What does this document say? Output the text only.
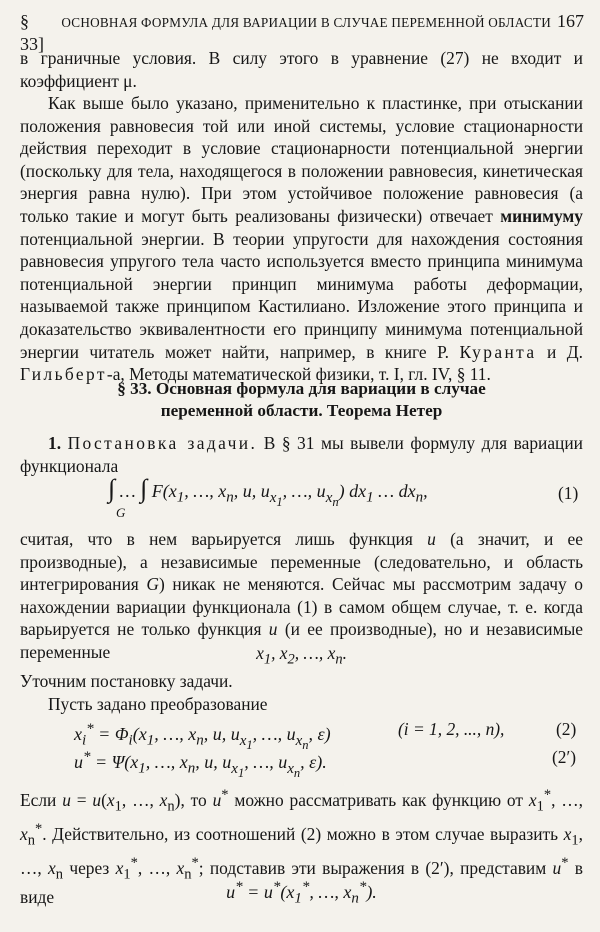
§ 33]
ОСНОВНАЯ ФОРМУЛА ДЛЯ ВАРИАЦИИ В СЛУЧАЕ ПЕРЕМЕННОЙ ОБЛАСТИ 167

в граничные условия. В силу этого в уравнение (27) не входит и

коэффициент μ.

Как выше было указано, применительно к пластинке, при отыскании положения равновесия той или иной системы, условие стационарности действия переходит в условие стационарности потенциальной энергии (поскольку для тела, находящегося в положении равновесия, кинетическая энергия равна нулю). При этом устойчивое положение равновесия (а только такие и могут быть реализованы физически) отвечает минимуму потенциальной энергии. В теории упругости для нахождения состояния равновесия упругого тела часто используется вместо принципа минимума потенциальной энергии принцип минимума работы деформации, называемой также принципом Кастилиано. Изложение этого принципа и доказательство эквивалентности его принципу минимума потенциальной энергии читатель может найти, например, в книге Р. Куранта и Д. Гильберт-а, Методы математической физики, т. I, гл. IV, § 11.

§ 33. Основная формула для вариации в случае
переменной области. Теорема Нетер

1. Постановка задачи. В § 31 мы вывели формулу для вариации функционала

∫ … ∫ $F(x_1$, …, $x_n$, u, $u_{x_1}$, …, $u_{x_n}$) $dx_1$ … $dx_n$,
G
(1)

считая, что в нем варьируется лишь функция u (а значит, и ее производные), а независимые переменные (следовательно, и область интегрирования G) никак не меняются. Сейчас мы рассмотрим задачу о нахождении вариации функционала (1) в самом общем случае, т. е. когда варьируется не только функция u (и ее производные), но и независимые переменные	$x_1$, $x_2$, …, $x_n$.

Уточним постановку задачи.

Пусть задано преобразование

$x_i^* = \Phi_i(x_1$, …, $x_n$, u, $u_{x_1}$, …, $u_{x_n}$, ε)	(i = 1, 2, ..., n),	(2)
$u^* = \Psi(x_1$, …, $x_n$, u, $u_{x_1}$, …, $u_{x_n}$, ε).	(2′)

Если $u = u(x_1$, …, $x_n$), то u* можно рассматривать как функцию от $x_1^*$, …, $x_n^*$. Действительно, из соотношений (2) можно в этом случае выразить $x_1$, …, $x_n$ через $x_1^*$, …, $x_n^*$; подставив эти выражения в (2′), представим u* в виде	$u^* = u^*(x_1^*$, …, $x_n^*$).
